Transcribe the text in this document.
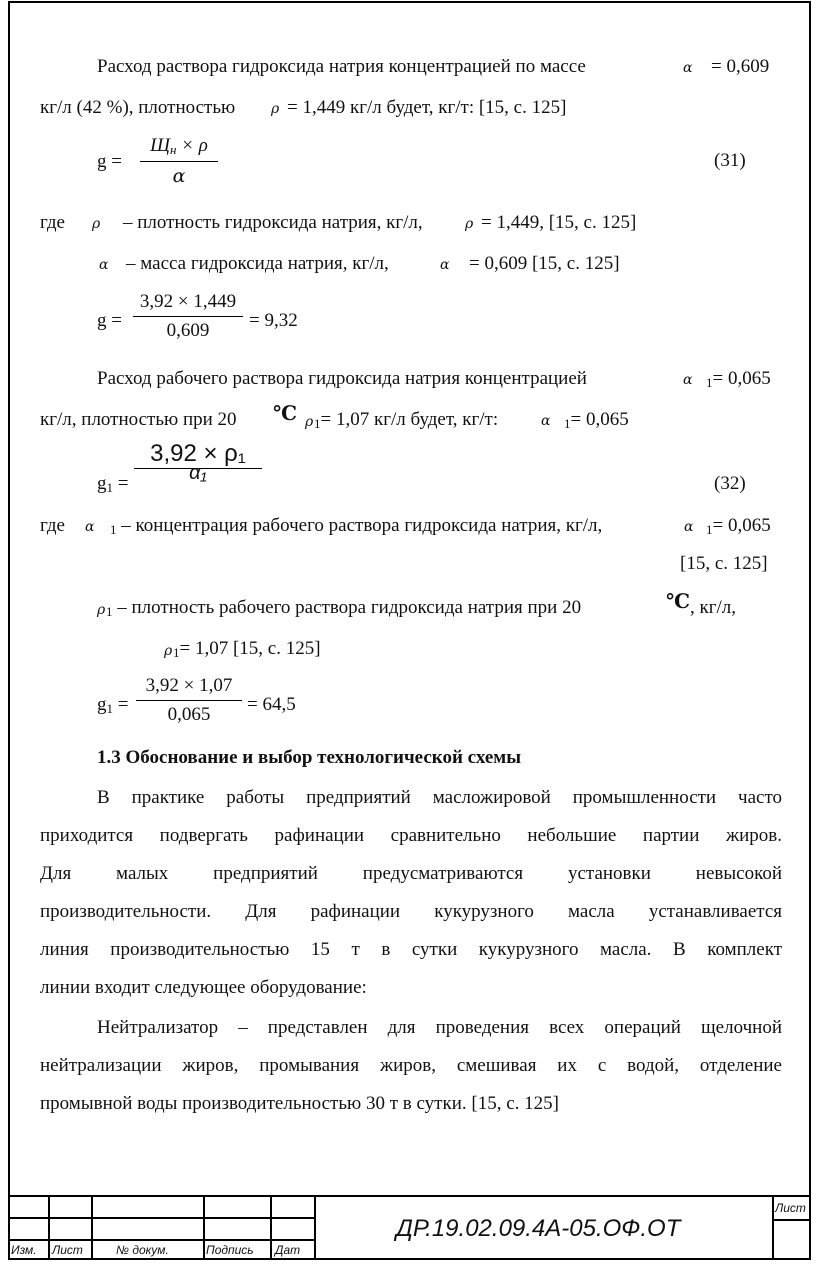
Расход раствора гидроксида натрия концентрацией по массе	α = 0,609
кг/л (42 %), плотностью	ρ = 1,449 кг/л будет, кг/т: [15, с. 125]
g =
$Щ_н \times \rho$
α
(31)
где ρ – плотность гидроксида натрия, кг/л,	ρ = 1,449, [15, с. 125]
α – масса гидроксида натрия, кг/л,	α = 0,609 [15, с. 125]
g =
3,92 × 1,449
0,609	= 9,32
Расход рабочего раствора гидроксида натрия концентрацией	α $_1$= 0,065
кг/л, плотностью при 20 ℃ ρ $_1$= 1,07 кг/л будет, кг/т:	α $_1$= 0,065
$g_1$ =
3,92 × ρ₁
α₁	(32)
где α $_1$ – концентрация рабочего раствора гидроксида натрия, кг/л,	α $_1$= 0,065
[15, с. 125]
ρ $_1$ – плотность рабочего раствора гидроксида натрия при 20	℃ , кг/л,
ρ $_1$= 1,07 [15, с. 125]
$g_1$ =
3,92 × 1,07
0,065	= 64,5
1.3 Обоснование и выбор технологической схемы
В практике работы предприятий масложировой промышленности часто
приходится подвергать рафинации сравнительно небольшие партии жиров.
Для малых предприятий предусматриваются установки невысокой
производительности. Для рафинации кукурузного масла устанавливается
линия производительностью 15 т в сутки кукурузного масла. В комплект
линии входит следующее оборудование:
Нейтрализатор – представлен для проведения всех операций щелочной
нейтрализации жиров, промывания жиров, смешивая их с водой, отделение
промывной воды производительностью 30 т в сутки. [15, с. 125]
Изм. Лист	№ докум.	Подпись Дат
ДР.19.02.09.4А-05.ОФ.ОТ
Лист
